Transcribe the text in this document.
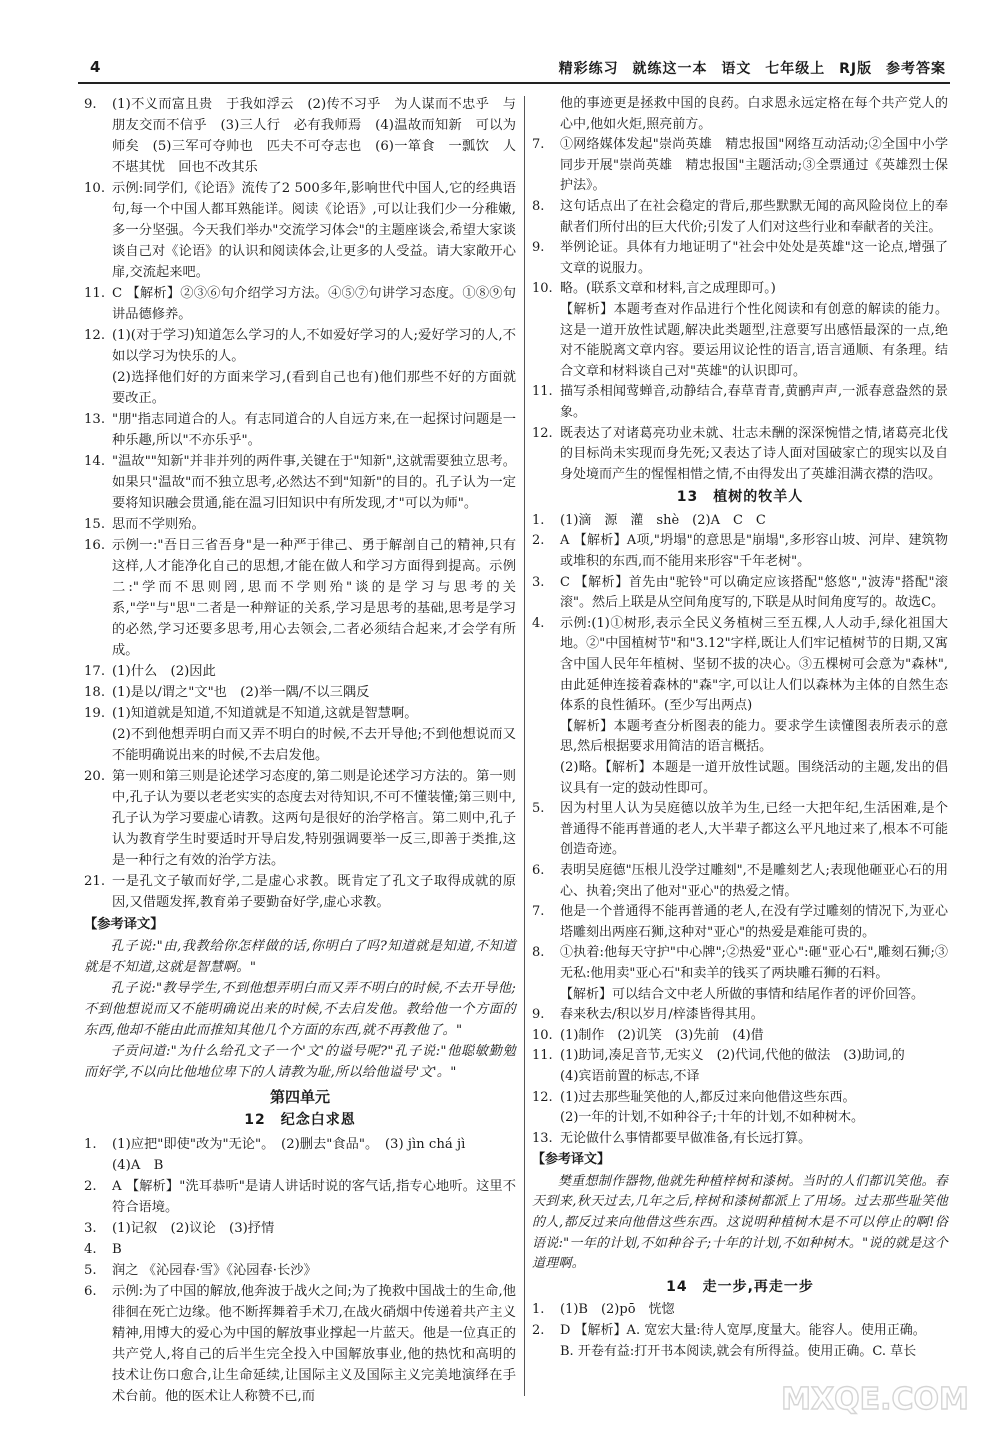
4	精彩练习 就练这一本 语文 七年级上 RJ版 参考答案
9. (1)不义而富且贵　于我如浮云　(2)传不习乎　为人谋而不忠乎　与朋友交而不信乎　(3)三人行　必有我师焉　(4)温故而知新　可以为师矣　(5)三军可夺帅也　匹夫不可夺志也　(6)一箪食　一瓢饮　人不堪其忧　回也不改其乐
10. 示例:同学们,《论语》流传了2 500多年,影响世代中国人,它的经典语句,每一个中国人都耳熟能详。阅读《论语》,可以让我们少一分稚嫩,多一分坚强。今天我们举办"交流学习体会"的主题座谈会,希望大家谈谈自己对《论语》的认识和阅读体会,让更多的人受益。请大家敞开心扉,交流起来吧。
11. C 【解析】②③⑥句介绍学习方法。④⑤⑦句讲学习态度。①⑧⑨句讲品德修养。
12. (1)(对于学习)知道怎么学习的人,不如爱好学习的人;爱好学习的人,不如以学习为快乐的人。

(2)选择他们好的方面来学习,(看到自己也有)他们那些不好的方面就要改正。

13. "朋"指志同道合的人。有志同道合的人自远方来,在一起探讨问题是一种乐趣,所以"不亦乐乎"。
14. "温故""知新"并非并列的两件事,关键在于"知新",这就需要独立思考。如果只"温故"而不独立思考,必然达不到"知新"的目的。孔子认为一定要将知识融会贯通,能在温习旧知识中有所发现,才"可以为师"。
15. 思而不学则殆。
16. 示例一:"吾日三省吾身"是一种严于律己、勇于解剖自己的精神,只有这样,人才能净化自己的思想,才能在做人和学习方面得到提高。示例二:"学而不思则罔,思而不学则殆"谈的是学习与思考的关系,"学"与"思"二者是一种辩证的关系,学习是思考的基础,思考是学习的必然,学习还要多思考,用心去领会,二者必须结合起来,才会学有所成。
17. (1)什么　(2)因此
18. (1)是以/谓之"文"也　(2)举一隅/不以三隅反
19. (1)知道就是知道,不知道就是不知道,这就是智慧啊。

(2)不到他想弄明白而又弄不明白的时候,不去开导他;不到他想说而又不能明确说出来的时候,不去启发他。

20. 第一则和第三则是论述学习态度的,第二则是论述学习方法的。第一则中,孔子认为要以老老实实的态度去对待知识,不可不懂装懂;第三则中,孔子认为学习要虚心请教。这两句是很好的治学格言。第二则中,孔子认为教育学生时要适时开导启发,特别强调要举一反三,即善于类推,这是一种行之有效的治学方法。
21. 一是孔文子敏而好学,二是虚心求教。既肯定了孔文子取得成就的原因,又借题发挥,教育弟子要勤奋好学,虚心求教。
【参考译文】

孔子说:"由,我教给你怎样做的话,你明白了吗?知道就是知道,不知道就是不知道,这就是智慧啊。"

孔子说:"教导学生,不到他想弄明白而又弄不明白的时候,不去开导他;不到他想说而又不能明确说出来的时候,不去启发他。教给他一个方面的东西,他却不能由此而推知其他几个方面的东西,就不再教他了。"

子贡问道:"为什么给孔文子一个'文'的谥号呢?"孔子说:"他聪敏勤勉而好学,不以向比他地位卑下的人请教为耻,所以给他谥号'文'。"

第四单元
12　纪念白求恩
1. (1)应把"即使"改为"无论"。　(2)删去"食品"。　(3) jìn chá jì

(4)A　B

2. A 【解析】"洗耳恭听"是请人讲话时说的客气话,指专心地听。这里不符合语境。
3. (1)记叙　(2)议论　(3)抒情
4. B
5. 润之 《沁园春·雪》《沁园春·长沙》
6. 示例:为了中国的解放,他奔波于战火之间;为了挽救中国战士的生命,他徘徊在死亡边缘。他不断挥舞着手术刀,在战火硝烟中传递着共产主义精神,用博大的爱心为中国的解放事业撑起一片蓝天。他是一位真正的共产党人,将自己的后半生完全投入中国解放事业,他的热忱和高明的技术让伤口愈合,让生命延续,让国际主义及国际主义完美地演绎在手术台前。他的医术让人称赞不已,而

他的事迹更是拯救中国的良药。白求恩永远定格在每个共产党人的心中,他如火炬,照亮前方。

7. ①网络媒体发起"崇尚英雄　精忠报国"网络互动活动;②全国中小学同步开展"崇尚英雄　精忠报国"主题活动;③全票通过《英雄烈士保护法》。
8. 这句话点出了在社会稳定的背后,那些默默无闻的高风险岗位上的奉献者们所付出的巨大代价;引发了人们对这些行业和奉献者的关注。
9. 举例论证。具体有力地证明了"社会中处处是英雄"这一论点,增强了文章的说服力。
10. 略。(联系文章和材料,言之成理即可。)

【解析】本题考查对作品进行个性化阅读和有创意的解读的能力。这是一道开放性试题,解决此类题型,注意要写出感悟最深的一点,绝对不能脱离文章内容。要运用议论性的语言,语言通顺、有条理。结合文章和材料谈自己对"英雄"的认识即可。

11. 描写杀相闻莺蝉音,动静结合,春草青青,黄鹂声声,一派春意盎然的景象。
12. 既表达了对诸葛亮功业未就、壮志未酬的深深惋惜之情,诸葛亮北伐的目标尚未实现而身先死;又表达了诗人面对国破家亡的现实以及自身处境而产生的惺惺相惜之情,不由得发出了英雄泪满衣襟的浩叹。
13　植树的牧羊人
1. (1)滴　源　灌　shè　(2)A　C　C
2. A 【解析】A项,"坍塌"的意思是"崩塌",多形容山坡、河岸、建筑物或堆积的东西,而不能用来形容"千年老树"。
3. C 【解析】首先由"驼铃"可以确定应该搭配"悠悠","波涛"搭配"滚滚"。然后上联是从空间角度写的,下联是从时间角度写的。故选C。
4. 示例:(1)①树形,表示全民义务植树三至五棵,人人动手,绿化祖国大地。②"中国植树节"和"3.12"字样,既让人们牢记植树节的日期,又寓含中国人民年年植树、坚韧不拔的决心。③五棵树可会意为"森林",由此延伸连接着森林的"森"字,可以让人们以森林为主体的自然生态体系的良性循环。(至少写出两点)

【解析】本题考查分析图表的能力。要求学生读懂图表所表示的意思,然后根据要求用简洁的语言概括。

(2)略。【解析】本题是一道开放性试题。围绕活动的主题,发出的倡议具有一定的鼓动性即可。

5. 因为村里人认为吴庭德以放羊为生,已经一大把年纪,生活困难,是个普通得不能再普通的老人,大半辈子都这么平凡地过来了,根本不可能创造奇迹。
6. 表明吴庭德"压根儿没学过雕刻",不是雕刻艺人;表现他砸亚心石的用心、执着;突出了他对"亚心"的热爱之情。
7. 他是一个普通得不能再普通的老人,在没有学过雕刻的情况下,为亚心塔雕刻出两座石狮,这种对"亚心"的热爱是难能可贵的。
8. ①执着:他每天守护"中心牌";②热爱"亚心":砸"亚心石",雕刻石狮;③无私:他用卖"亚心石"和卖羊的钱买了两块雕石狮的石料。

【解析】可以结合文中老人所做的事情和结尾作者的评价回答。

9. 春来秋去/积以岁月/梓漆皆得其用。
10. (1)制作　(2)讥笑　(3)先前　(4)借
11. (1)助词,凑足音节,无实义　(2)代词,代他的做法　(3)助词,的

(4)宾语前置的标志,不译

12. (1)过去那些耻笑他的人,都反过来向他借这些东西。

(2)一年的计划,不如种谷子;十年的计划,不如种树木。

13. 无论做什么事情都要早做准备,有长远打算。
【参考译文】

樊重想制作器物,他就先种植梓树和漆树。当时的人们都讥笑他。春天到来,秋天过去,几年之后,梓树和漆树都派上了用场。过去那些耻笑他的人,都反过来向他借这些东西。这说明种植树木是不可以停止的啊!俗语说:"一年的计划,不如种谷子;十年的计划,不如种树木。"说的就是这个道理啊。

14　走一步,再走一步
1. (1)B　(2)pō　恍惚
2. D 【解析】A. 宽宏大量:待人宽厚,度量大。能容人。使用正确。

B. 开卷有益:打开书本阅读,就会有所得益。使用正确。C. 草长

MXQE.COM
